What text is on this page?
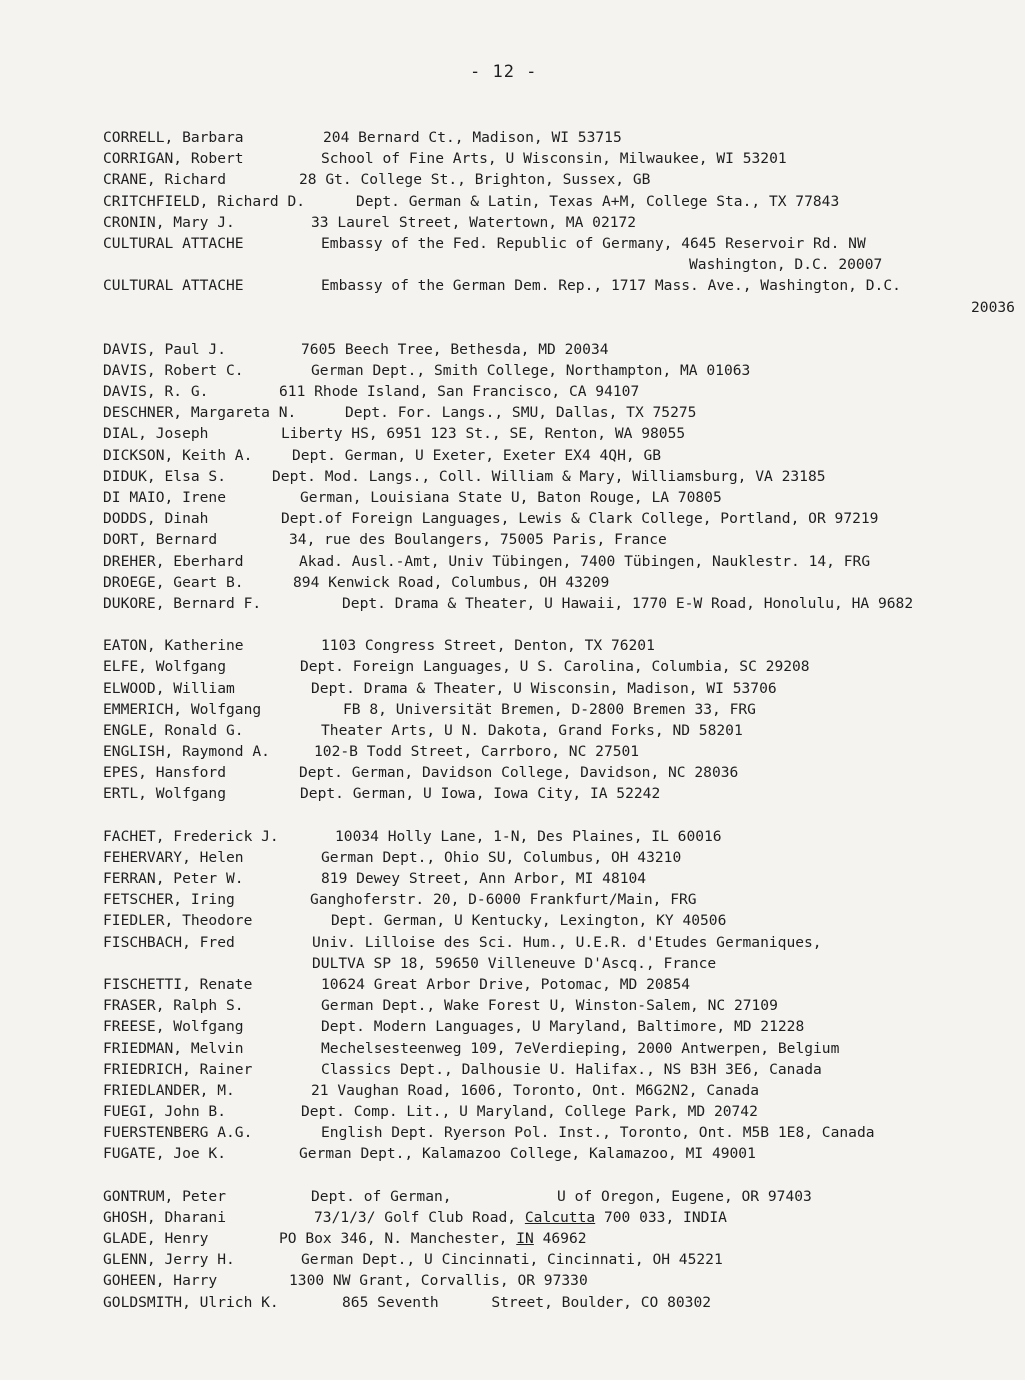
- 12 -
CORRELL, Barbara	204 Bernard Ct., Madison, WI 53715
CORRIGAN, Robert	School of Fine Arts, U Wisconsin, Milwaukee, WI 53201
CRANE, Richard	28 Gt. College St., Brighton, Sussex, GB
CRITCHFIELD, Richard D.	Dept. German & Latin, Texas A+M, College Sta., TX 77843
CRONIN, Mary J.	33 Laurel Street, Watertown, MA 02172
CULTURAL ATTACHE	Embassy of the Fed. Republic of Germany, 4645 Reservoir Rd. NW
Washington, D.C. 20007
CULTURAL ATTACHE	Embassy of the German Dem. Rep., 1717 Mass. Ave., Washington, D.C.
20036
DAVIS, Paul J.	7605 Beech Tree, Bethesda, MD 20034
DAVIS, Robert C.	German Dept., Smith College, Northampton, MA 01063
DAVIS, R. G.	611 Rhode Island, San Francisco, CA 94107
DESCHNER, Margareta N.	Dept. For. Langs., SMU, Dallas, TX 75275
DIAL, Joseph	Liberty HS, 6951 123 St., SE, Renton, WA 98055
DICKSON, Keith A.	Dept. German, U Exeter, Exeter EX4 4QH, GB
DIDUK, Elsa S.	Dept. Mod. Langs., Coll. William & Mary, Williamsburg, VA 23185
DI MAIO, Irene	German, Louisiana State U, Baton Rouge, LA 70805
DODDS, Dinah	Dept.of Foreign Languages, Lewis & Clark College, Portland, OR 97219
DORT, Bernard	34, rue des Boulangers, 75005 Paris, France
DREHER, Eberhard	Akad. Ausl.-Amt, Univ Tübingen, 7400 Tübingen, Nauklestr. 14, FRG
DROEGE, Geart B.	894 Kenwick Road, Columbus, OH 43209
DUKORE, Bernard F.	Dept. Drama & Theater, U Hawaii, 1770 E-W Road, Honolulu, HA 9682
EATON, Katherine	1103 Congress Street, Denton, TX 76201
ELFE, Wolfgang	Dept. Foreign Languages, U S. Carolina, Columbia, SC 29208
ELWOOD, William	Dept. Drama & Theater, U Wisconsin, Madison, WI 53706
EMMERICH, Wolfgang	FB 8, Universität Bremen, D-2800 Bremen 33, FRG
ENGLE, Ronald G.	Theater Arts, U N. Dakota, Grand Forks, ND 58201
ENGLISH, Raymond A.	102-B Todd Street, Carrboro, NC 27501
EPES, Hansford	Dept. German, Davidson College, Davidson, NC 28036
ERTL, Wolfgang	Dept. German, U Iowa, Iowa City, IA 52242
FACHET, Frederick J.	10034 Holly Lane, 1-N, Des Plaines, IL 60016
FEHERVARY, Helen	German Dept., Ohio SU, Columbus, OH 43210
FERRAN, Peter W.	819 Dewey Street, Ann Arbor, MI 48104
FETSCHER, Iring	Ganghoferstr. 20, D-6000 Frankfurt/Main, FRG
FIEDLER, Theodore	Dept. German, U Kentucky, Lexington, KY 40506
FISCHBACH, Fred	Univ. Lilloise des Sci. Hum., U.E.R. d'Etudes Germaniques,
DULTVA SP 18, 59650 Villeneuve D'Ascq., France
FISCHETTI, Renate	10624 Great Arbor Drive, Potomac, MD 20854
FRASER, Ralph S.	German Dept., Wake Forest U, Winston-Salem, NC 27109
FREESE, Wolfgang	Dept. Modern Languages, U Maryland, Baltimore, MD 21228
FRIEDMAN, Melvin	Mechelsesteenweg 109, 7eVerdieping, 2000 Antwerpen, Belgium
FRIEDRICH, Rainer	Classics Dept., Dalhousie U. Halifax., NS B3H 3E6, Canada
FRIEDLANDER, M.	21 Vaughan Road, 1606, Toronto, Ont. M6G2N2, Canada
FUEGI, John B.	Dept. Comp. Lit., U Maryland, College Park, MD 20742
FUERSTENBERG A.G.	English Dept. Ryerson Pol. Inst., Toronto, Ont. M5B 1E8, Canada
FUGATE, Joe K.	German Dept., Kalamazoo College, Kalamazoo, MI 49001
GONTRUM, Peter	Dept. of German,            U of Oregon, Eugene, OR 97403
GHOSH, Dharani	73/1/3/ Golf Club Road, Calcutta 700 033, INDIA
GLADE, Henry	PO Box 346, N. Manchester, IN 46962
GLENN, Jerry H.	German Dept., U Cincinnati, Cincinnati, OH 45221
GOHEEN, Harry	1300 NW Grant, Corvallis, OR 97330
GOLDSMITH, Ulrich K.	865 Seventh      Street, Boulder, CO 80302
